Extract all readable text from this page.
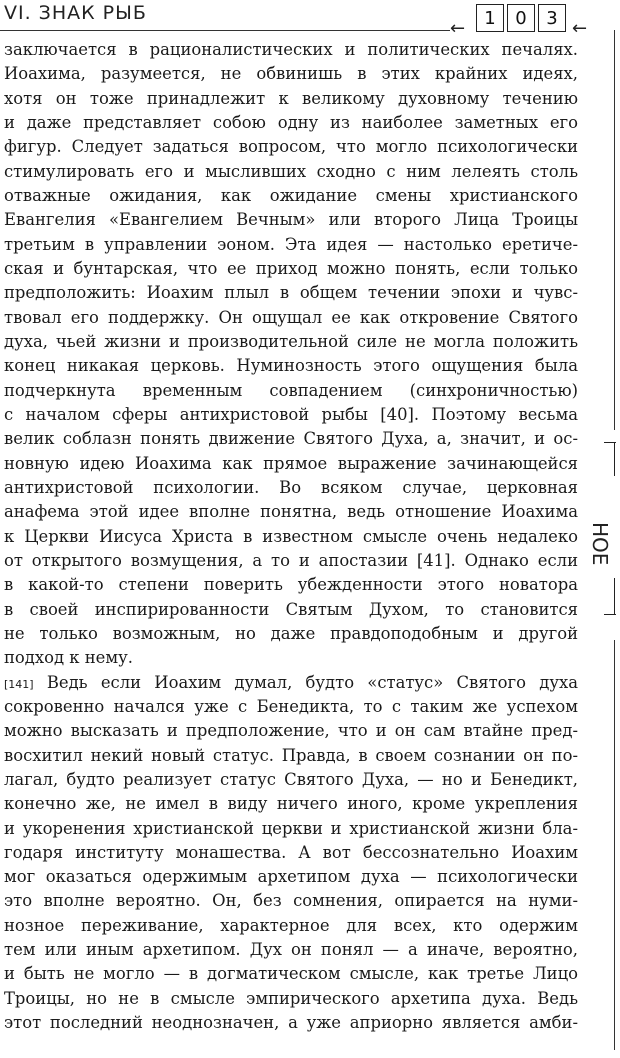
VI. ЗНАК РЫБ
←	1	0	3 ←
НОЕ
заключается в рационалистических и политических печалях.
Иоахима, разумеется, не обвинишь в этих крайних идеях,
хотя он тоже принадлежит к великому духовному течению
и даже представляет собою одну из наиболее заметных его
фигур. Следует задаться вопросом, что могло психологически
стимулировать его и мысливших сходно с ним лелеять столь
отважные ожидания, как ожидание смены христианского
Евангелия «Евангелием Вечным» или второго Лица Троицы
третьим в управлении эоном. Эта идея — настолько еретиче-
ская и бунтарская, что ее приход можно понять, если только
предположить: Иоахим плыл в общем течении эпохи и чувс-
твовал его поддержку. Он ощущал ее как откровение Святого
духа, чьей жизни и производительной силе не могла положить
конец никакая церковь. Нуминозность этого ощущения была
подчеркнута временным совпадением (синхроничностью)
с началом сферы антихристовой рыбы [40]. Поэтому весьма
велик соблазн понять движение Святого Духа, а, значит, и ос-
новную идею Иоахима как прямое выражение зачинающейся
антихристовой психологии. Во всяком случае, церковная
анафема этой идее вполне понятна, ведь отношение Иоахима
к Церкви Иисуса Христа в известном смысле очень недалеко
от открытого возмущения, а то и апостазии [41]. Однако если
в какой-то степени поверить убежденности этого новатора
в своей инспирированности Святым Духом, то становится
не только возможным, но даже правдоподобным и другой
подход к нему.
[141] Ведь если Иоахим думал, будто «статус» Святого духа
сокровенно начался уже с Бенедикта, то с таким же успехом
можно высказать и предположение, что и он сам втайне пред-
восхитил некий новый статус. Правда, в своем сознании он по-
лагал, будто реализует статус Святого Духа, — но и Бенедикт,
конечно же, не имел в виду ничего иного, кроме укрепления
и укоренения христианской церкви и христианской жизни бла-
годаря институту монашества. А вот бессознательно Иоахим
мог оказаться одержимым архетипом духа — психологически
это вполне вероятно. Он, без сомнения, опирается на нуми-
нозное переживание, характерное для всех, кто одержим
тем или иным архетипом. Дух он понял — а иначе, вероятно,
и быть не могло — в догматическом смысле, как третье Лицо
Троицы, но не в смысле эмпирического архетипа духа. Ведь
этот последний неоднозначен, а уже априорно является амби-
